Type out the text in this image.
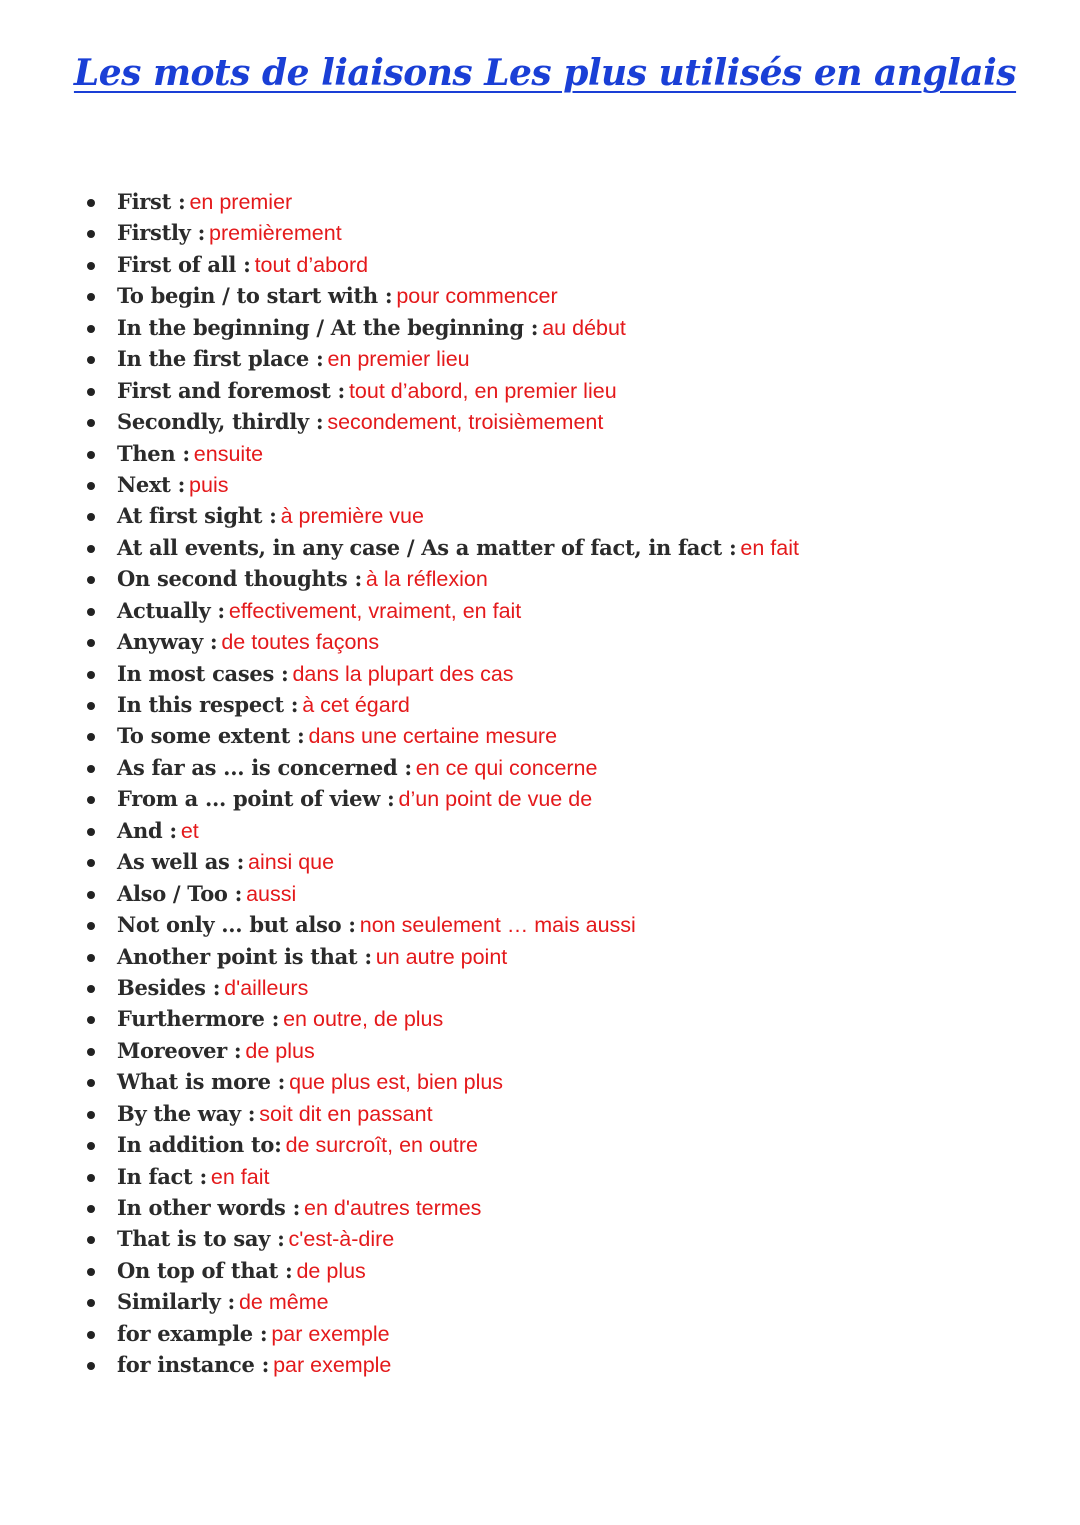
Les mots de liaisons Les plus utilisés en anglais
First : en premier
Firstly : premièrement
First of all : tout d’abord
To begin / to start with : pour commencer
In the beginning / At the beginning : au début
In the first place : en premier lieu
First and foremost : tout d’abord, en premier lieu
Secondly, thirdly : secondement, troisièmement
Then : ensuite
Next : puis
At first sight : à première vue
At all events, in any case / As a matter of fact, in fact : en fait
On second thoughts : à la réflexion
Actually : effectivement, vraiment, en fait
Anyway : de toutes façons
In most cases : dans la plupart des cas
In this respect : à cet égard
To some extent : dans une certaine mesure
As far as ... is concerned : en ce qui concerne
From a ... point of view : d’un point de vue de
And : et
As well as : ainsi que
Also / Too : aussi
Not only ... but also : non seulement … mais aussi
Another point is that : un autre point
Besides : d'ailleurs
Furthermore : en outre, de plus
Moreover : de plus
What is more : que plus est, bien plus
By the way : soit dit en passant
In addition to: de surcroît, en outre
In fact : en fait
In other words : en d'autres termes
That is to say : c'est-à-dire
On top of that : de plus
Similarly : de même
for example : par exemple
for instance : par exemple
